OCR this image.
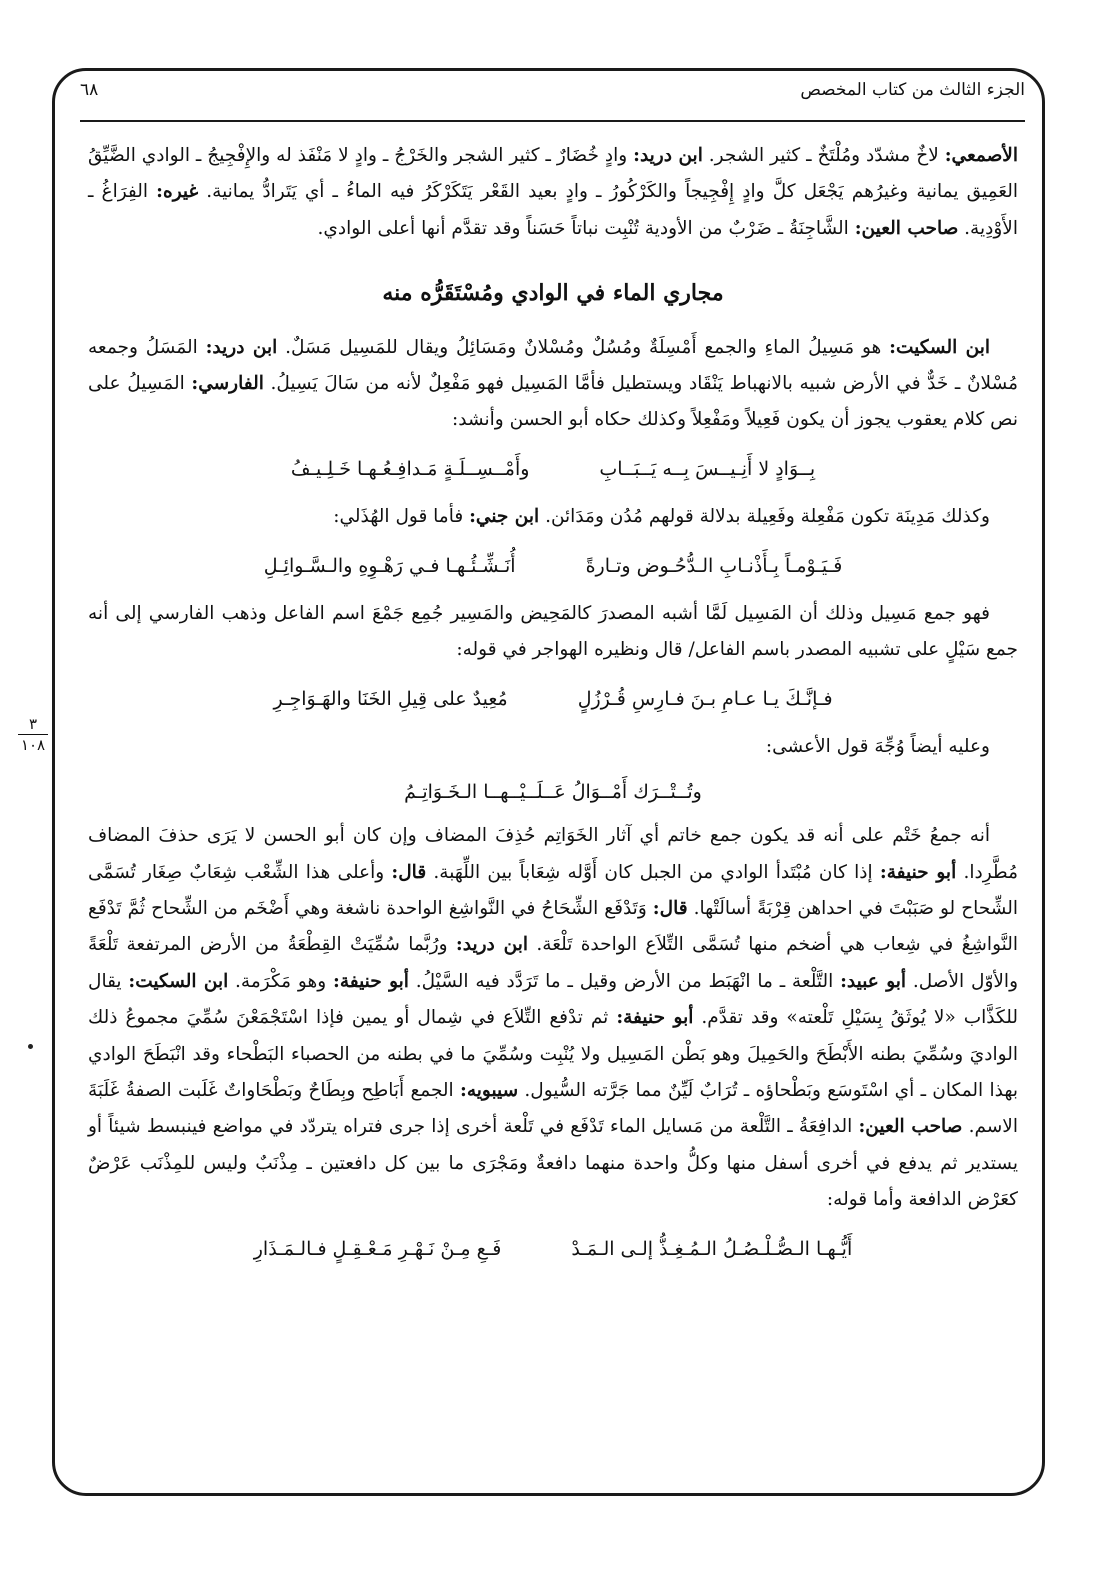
الجزء الثالث من كتاب المخصص
٦٨
٣
١٠٨

الأصمعي: لاخٌ مشدّد ومُلْتَخٌ ـ كثير الشجر. ابن دريد: وادٍ خُضَارٌ ـ كثير الشجر والخَرْجُ ـ وادٍ لا مَنْفَذ له والإِفْجِيجُ ـ الوادي الضَّيِّقُ العَمِيق يمانية وغيرُهم يَجْعَل كلَّ وادٍ إِفْجِيجاً والكَرْكُورُ ـ وادٍ بعيد القَعْر يَتَكَرْكَرُ فيه الماءُ ـ أي يَتَرادُّ يمانية. غيره: الفِرَاغُ ـ الأَوْدِية. صاحب العين: الشَّاجِنَةُ ـ ضَرْبٌ من الأودية تُنْبِت نباتاً حَسَناً وقد تقدَّم أنها أعلى الوادي.

مجاري الماء في الوادي ومُسْتَقَرُّه منه

ابن السكيت: هو مَسِيلُ الماءِ والجمع أَمْسِلَةٌ ومُسُلٌ ومُسْلانٌ ومَسَائِلُ ويقال للمَسِيل مَسَلٌ. ابن دريد: المَسَلُ وجمعه مُسْلانٌ ـ خَدٌّ في الأرض شبيه بالانهباط يَنْقَاد ويستطيل فأمَّا المَسِيل فهو مَفْعِلٌ لأنه من سَالَ يَسِيلُ. الفارسي: المَسِيلُ على نص كلام يعقوب يجوز أن يكون فَعِيلاً ومَفْعِلاً وكذلك حكاه أبو الحسن وأنشد:

بِــوَادٍ لا أَنِـيــسَ بِــه يَــبَــابِ
وأَمْــسِــلَـةٍ مَـدافِـعُـهـا خَـلِـيـفُ

وكذلك مَدِينَة تكون مَفْعِلة وفَعِيلة بدلالة قولهم مُدُن ومَدَائن. ابن جني: فأما قول الهُذَلي:

فَـيَـوْمـاً بِـأَذْنـابِ الـدُّحُـوض وتـارةً
أُنَـشِّـئُـهـا فـي رَهْـوِهِ والـسَّـوائِـلِ

فهو جمع مَسِيل وذلك أن المَسِيل لَمَّا أشبه المصدرَ كالمَحِيض والمَسِير جُمِع جَمْعَ اسم الفاعل وذهب الفارسي إلى أنه جمع سَيْلٍ على تشبيه المصدر باسم الفاعل/ قال ونظيره الهواجر في قوله:

فـإنَّـكَ يـا عـامِ بـنَ فـارِسِ قُـرْزُلٍ
مُعِيدٌ على قِيلِ الخَنَا والهَـوَاجِـرِ

وعليه أيضاً وُجِّهَ قول الأعشى:

وتُــتْــرَك أَمْــوَالُ عَــلَــيْــهــا الـخَـوَاتِـمُ

أنه جمعُ خَتْم على أنه قد يكون جمع خاتم أي آثار الخَوَاتِم حُذِفَ المضاف وإن كان أبو الحسن لا يَرَى حذفَ المضاف مُطَّرِدا. أبو حنيفة: إذا كان مُبْتَدأ الوادي من الجبل كان أَوَّله شِعَاباً بين اللِّهَبة. قال: وأعلى هذا الشِّعْب شِعَابٌ صِغَار تُسَمَّى الشِّحاح لو صَبَبْتَ في احداهن قِرْبَةً أسالَتْها. قال: وَتَدْفَع الشِّحَاحُ في النَّواشِغ الواحدة ناشغة وهي أَضْخَم من الشِّحاح ثُمَّ تَدْفَع النَّواشِغُ في شِعاب هي أضخم منها تُسَمَّى التِّلاَع الواحدة تَلْعَة. ابن دريد: ورُبَّما سُمِّيَتْ القِطْعَةُ من الأرض المرتفعة تَلْعَةً والأوّل الأصل. أبو عبيد: التَّلْعة ـ ما انْهَبَط من الأرض وقيل ـ ما تَرَدَّد فيه السَّيْلُ. أبو حنيفة: وهو مَكْرَمة. ابن السكيت: يقال للكَذَّاب «لا يُوثَقُ بِسَيْلِ تَلْعته» وقد تقدَّم. أبو حنيفة: ثم تدْفع التِّلاَع في شِمال أو يمين فإذا اسْتَجْمَعْنَ سُمِّيَ مجموعُ ذلك الواديَ وسُمِّيَ بطنه الأَبْطَحَ والحَمِيلَ وهو بَطْن المَسِيل ولا يُنْبِت وسُمِّيَ ما في بطنه من الحصباء البَطْحاء وقد انْبَطَحَ الوادي بهذا المكان ـ أي اسْتَوسَع وبَطْحاؤه ـ تُرَابٌ لَيِّنٌ مما جَرَّته السُّيول. سيبويه: الجمع أَبَاطِح وبِطَاحٌ وبَطْحَاواتٌ غَلَبت الصفةُ غَلَبَةَ الاسم. صاحب العين: الدافِعَةُ ـ التَّلْعة من مَسايل الماء تَدْفَع في تَلْعة أخرى إذا جرى فتراه يتردّد في مواضع فينبسط شيئاً أو يستدير ثم يدفع في أخرى أسفل منها وكلُّ واحدة منهما دافعةٌ ومَجْرَى ما بين كل دافعتين ـ مِذْنَبٌ وليس للمِذْنَب عَرْضٌ كعَرْض الدافعة وأما قوله:

أَيُّـهـا الـصُّـلْـصُـلُ الـمُـغِـذُّ إلـى الـمَـدْ
فَـعِ مِـنْ نَـهْـرِ مَـعْـقِـلٍ فـالـمَـذَارِ
